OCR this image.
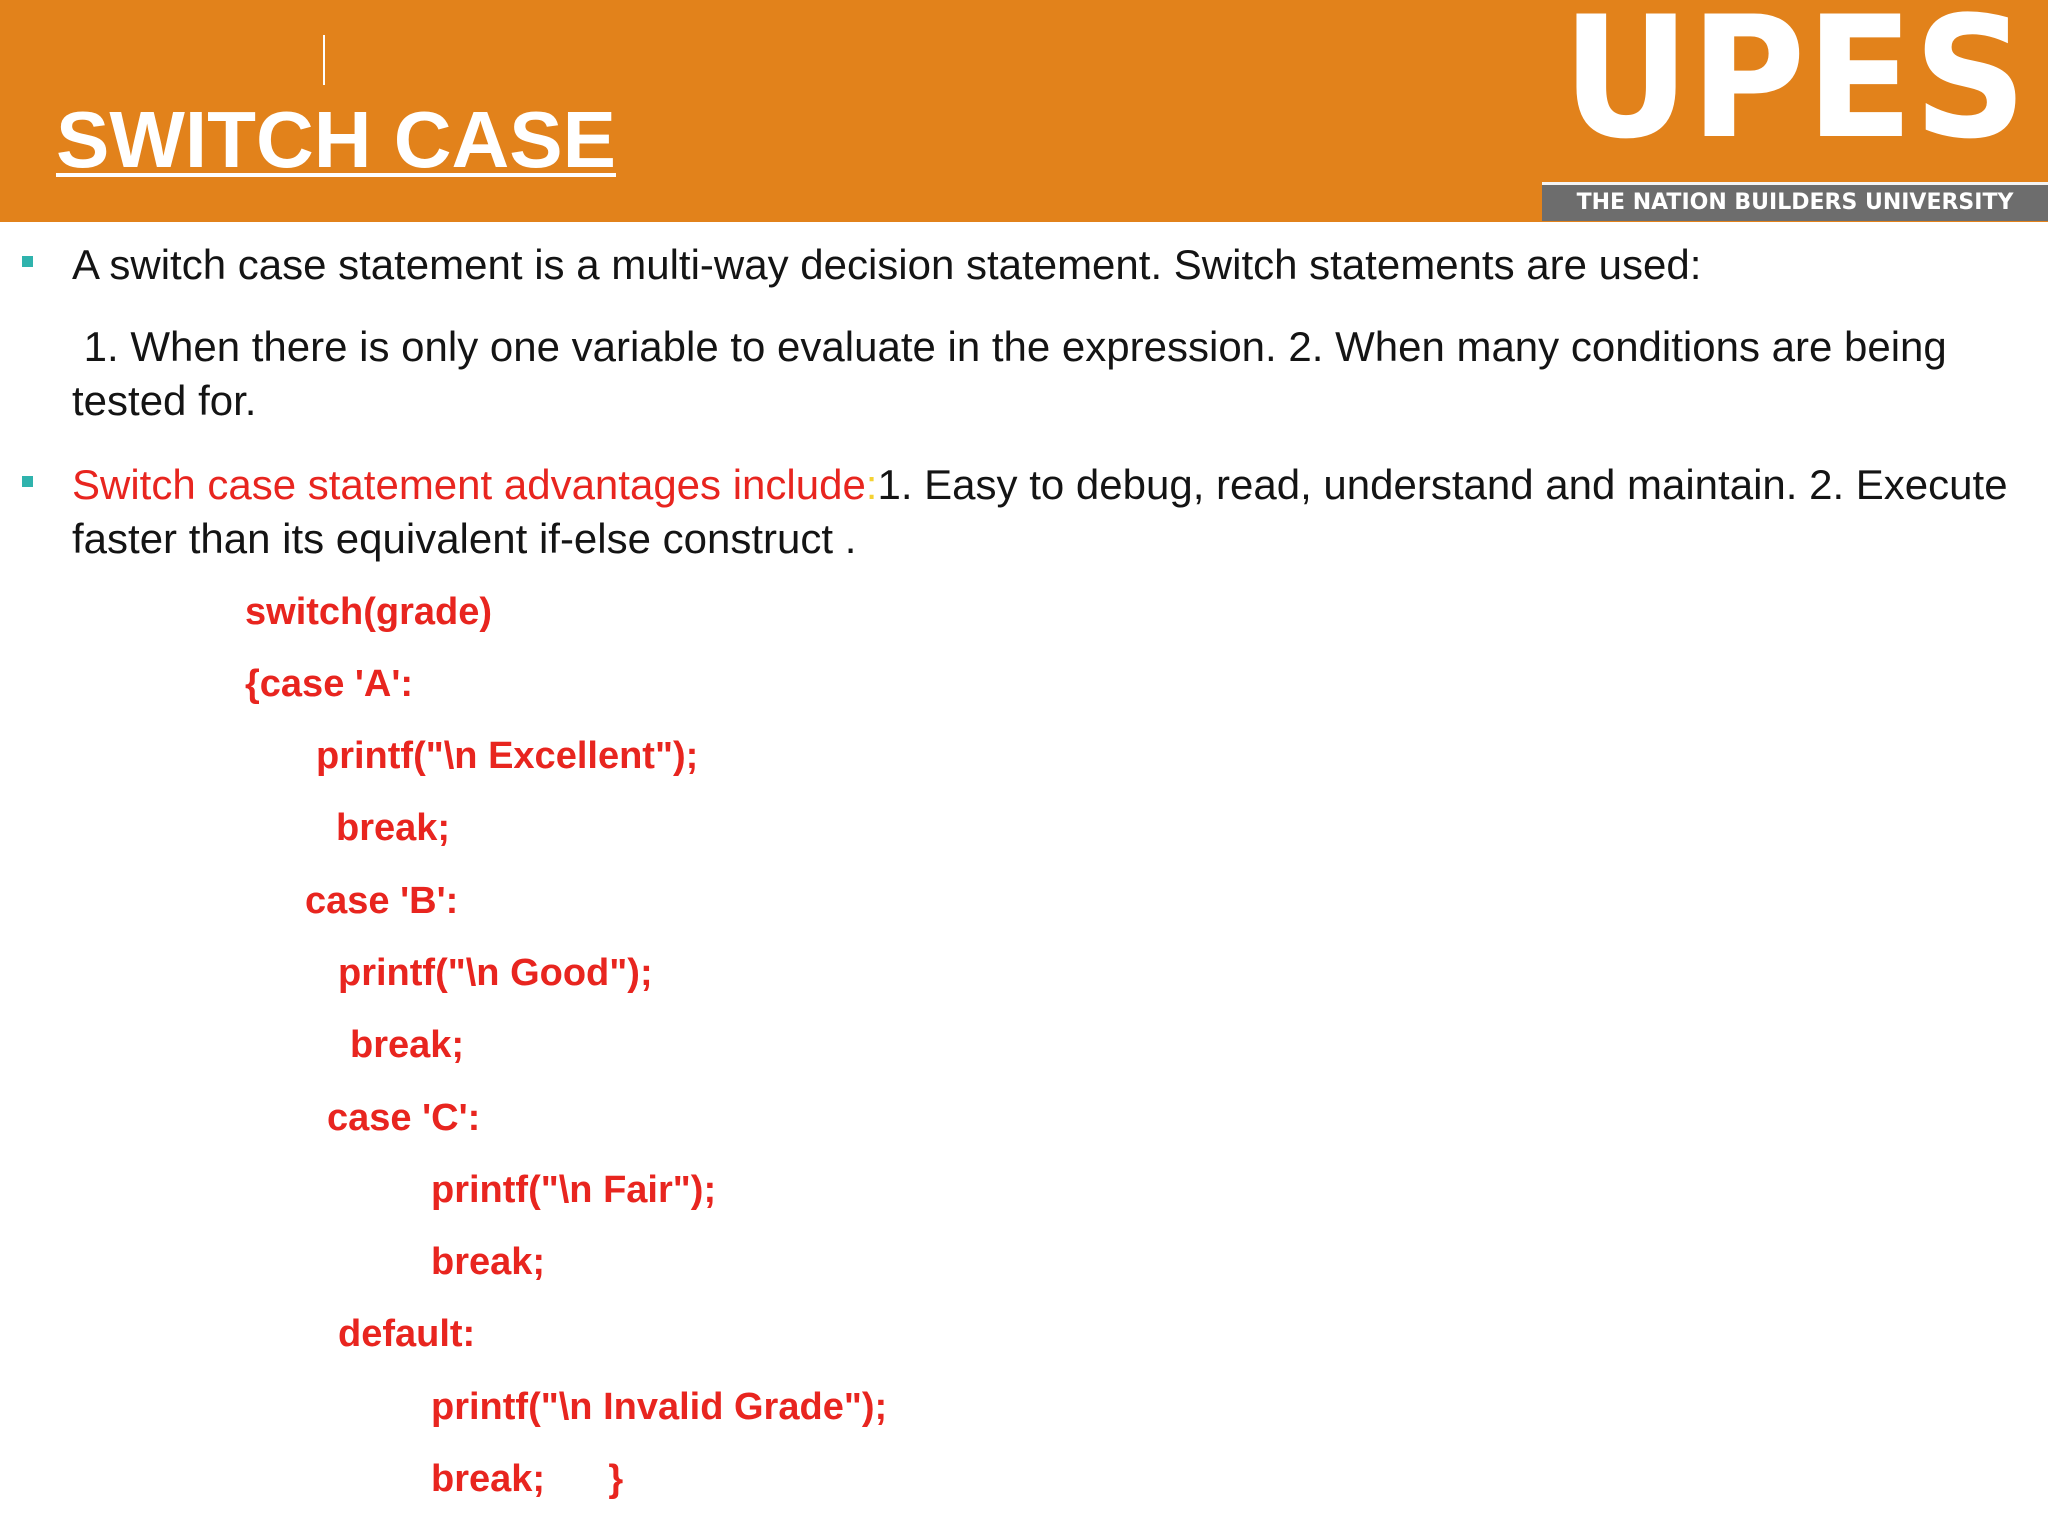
SWITCH CASE	UPES
THE NATION BUILDERS UNIVERSITY

A switch case statement is a multi-way decision statement. Switch statements are used:

1. When there is only one variable to evaluate in the expression. 2. When many conditions are being tested for.

Switch case statement advantages include:1. Easy to debug, read, understand and maintain. 2. Execute faster than its equivalent if-else construct .

switch(grade)

{case 'A':

printf("\n Excellent");

break;

case 'B':

printf("\n Good");

break;

case 'C':

printf("\n Fair");

break;

default:

printf("\n Invalid Grade");

break;      }
